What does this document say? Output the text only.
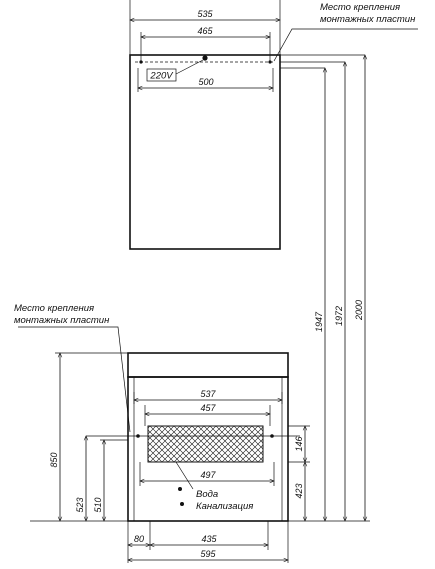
535
465
500
220V
Место крепления
монтажных пластин
537
457
497
Вода
Канализация
Место крепления
монтажных пластин
80	435
595
146
423
1947 1972 2000
850
523 510
